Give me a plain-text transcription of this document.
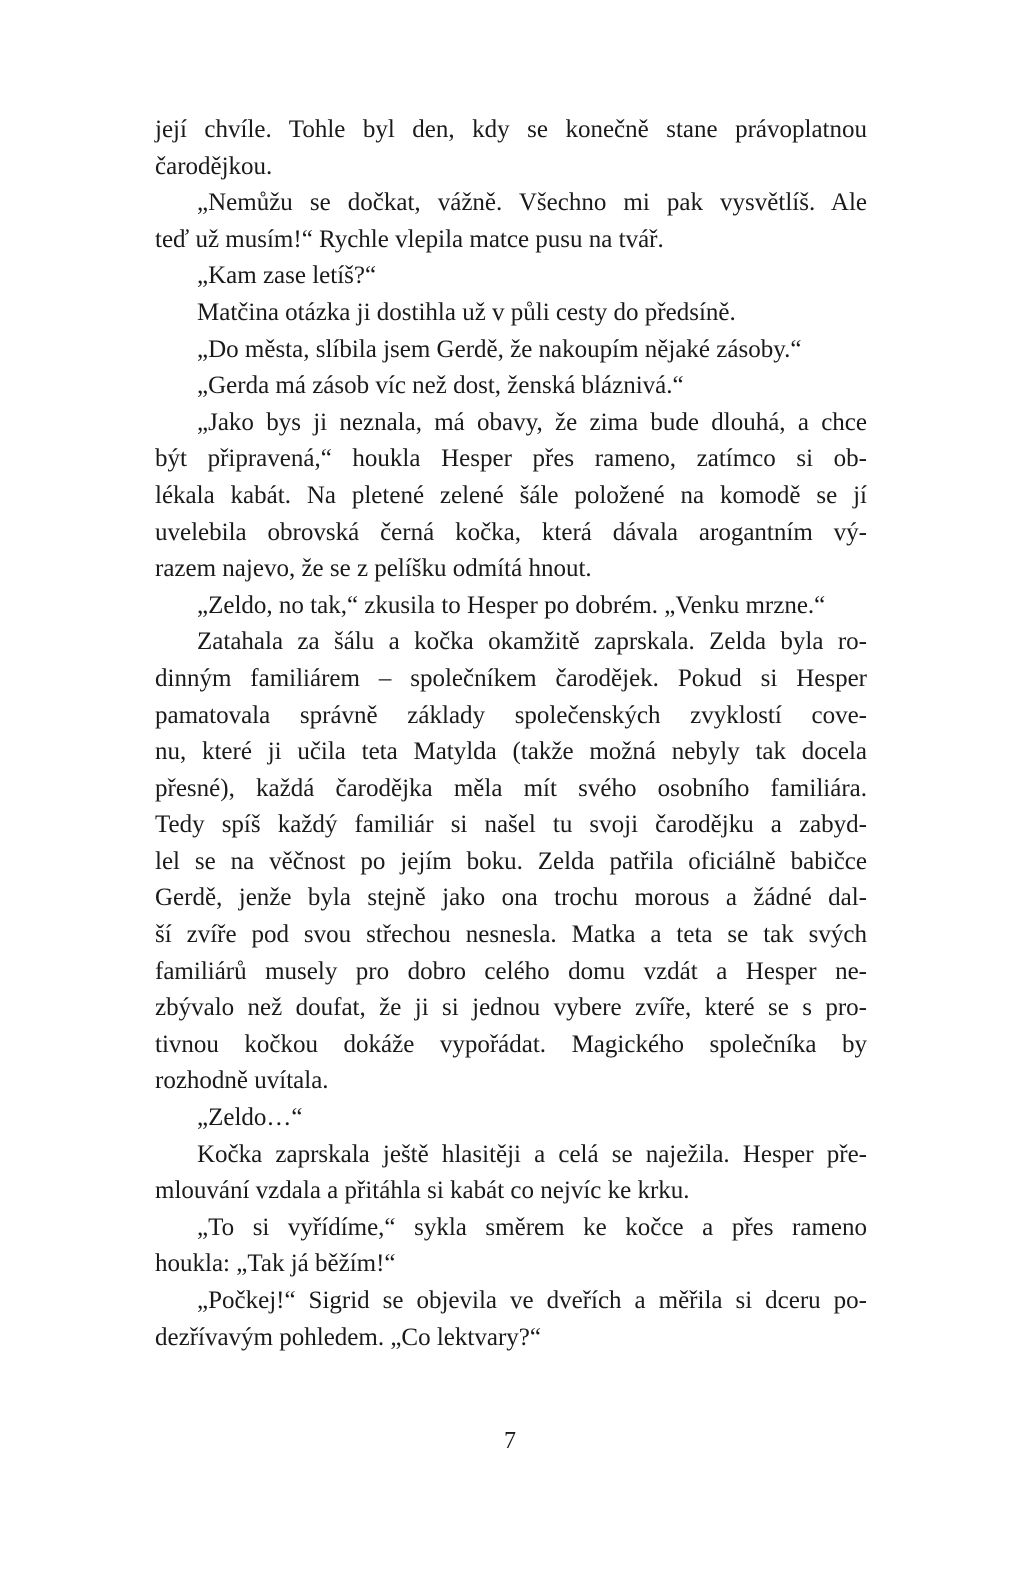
její chvíle. Tohle byl den, kdy se konečně stane právoplatnou
čarodějkou.
„Nemůžu se dočkat, vážně. Všechno mi pak vysvětlíš. Ale
teď už musím!“ Rychle vlepila matce pusu na tvář.
„Kam zase letíš?“
Matčina otázka ji dostihla už v půli cesty do předsíně.
„Do města, slíbila jsem Gerdě, že nakoupím nějaké zásoby.“
„Gerda má zásob víc než dost, ženská bláznivá.“
„Jako bys ji neznala, má obavy, že zima bude dlouhá, a chce
být připravená,“ houkla Hesper přes rameno, zatímco si ob-
lékala kabát. Na pletené zelené šále položené na komodě se jí
uvelebila obrovská černá kočka, která dávala arogantním vý-
razem najevo, že se z pelíšku odmítá hnout.
„Zeldo, no tak,“ zkusila to Hesper po dobrém. „Venku mrzne.“
Zatahala za šálu a kočka okamžitě zaprskala. Zelda byla ro-
dinným familiárem – společníkem čarodějek. Pokud si Hesper
pamatovala správně základy společenských zvyklostí cove-
nu, které ji učila teta Matylda (takže možná nebyly tak docela
přesné), každá čarodějka měla mít svého osobního familiára.
Tedy spíš každý familiár si našel tu svoji čarodějku a zabyd-
lel se na věčnost po jejím boku. Zelda patřila oficiálně babičce
Gerdě, jenže byla stejně jako ona trochu morous a žádné dal-
ší zvíře pod svou střechou nesnesla. Matka a teta se tak svých
familiárů musely pro dobro celého domu vzdát a Hesper ne-
zbývalo než doufat, že ji si jednou vybere zvíře, které se s pro-
tivnou kočkou dokáže vypořádat. Magického společníka by
rozhodně uvítala.
„Zeldo…“
Kočka zaprskala ještě hlasitěji a celá se naježila. Hesper pře-
mlouvání vzdala a přitáhla si kabát co nejvíc ke krku.
„To si vyřídíme,“ sykla směrem ke kočce a přes rameno
houkla: „Tak já běžím!“
„Počkej!“ Sigrid se objevila ve dveřích a měřila si dceru po-
dezřívavým pohledem. „Co lektvary?“
7
